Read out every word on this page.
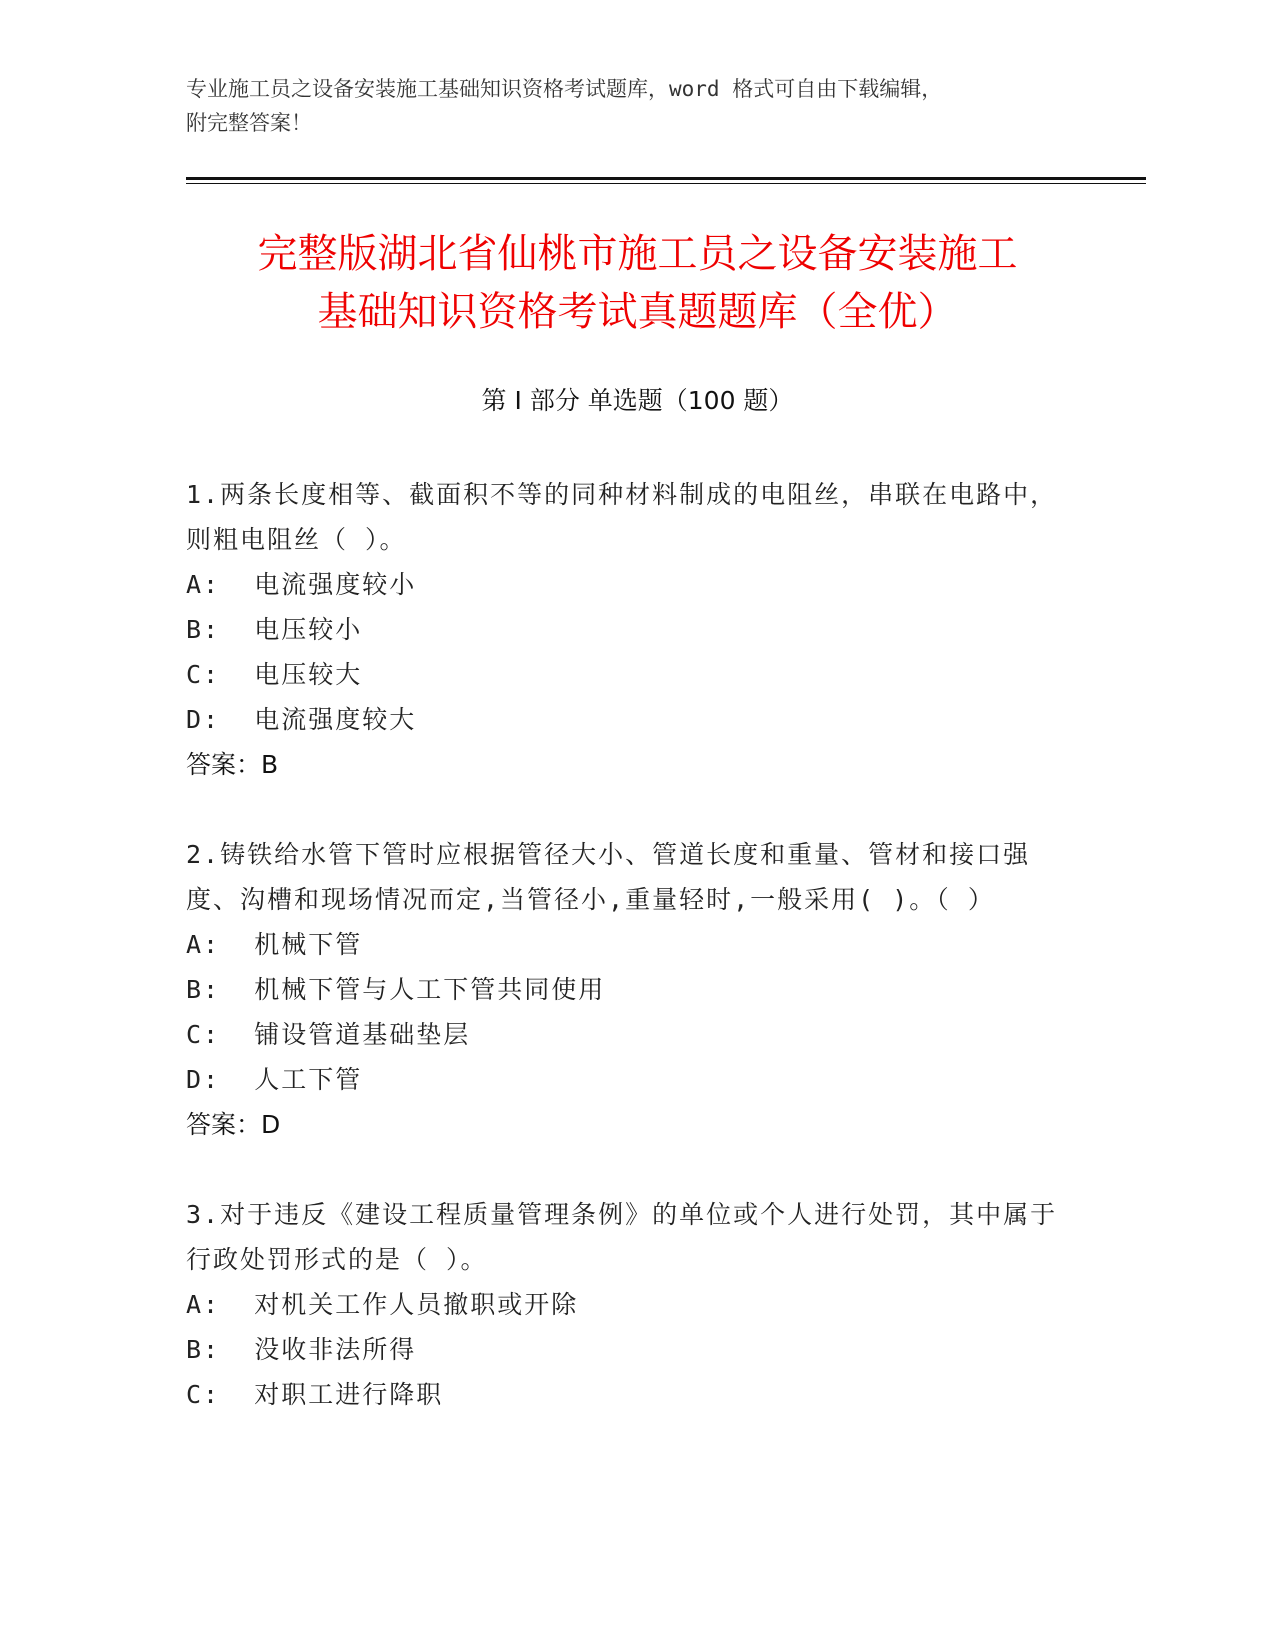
专业施工员之设备安装施工基础知识资格考试题库，word 格式可自由下载编辑，
附完整答案！
完整版湖北省仙桃市施工员之设备安装施工
基础知识资格考试真题题库（全优）
第 I 部分 单选题（100 题）
1.两条长度相等、截面积不等的同种材料制成的电阻丝，串联在电路中，则粗电阻丝（ ）。
A:  电流强度较小
B:  电压较小
C:  电压较大
D:  电流强度较大
答案：B
2.铸铁给水管下管时应根据管径大小、管道长度和重量、管材和接口强度、沟槽和现场情况而定,当管径小,重量轻时,一般采用( )。（ ）
A:  机械下管
B:  机械下管与人工下管共同使用
C:  铺设管道基础垫层
D:  人工下管
答案：D
3.对于违反《建设工程质量管理条例》的单位或个人进行处罚，其中属于行政处罚形式的是（ ）。
A:  对机关工作人员撤职或开除
B:  没收非法所得
C:  对职工进行降职
